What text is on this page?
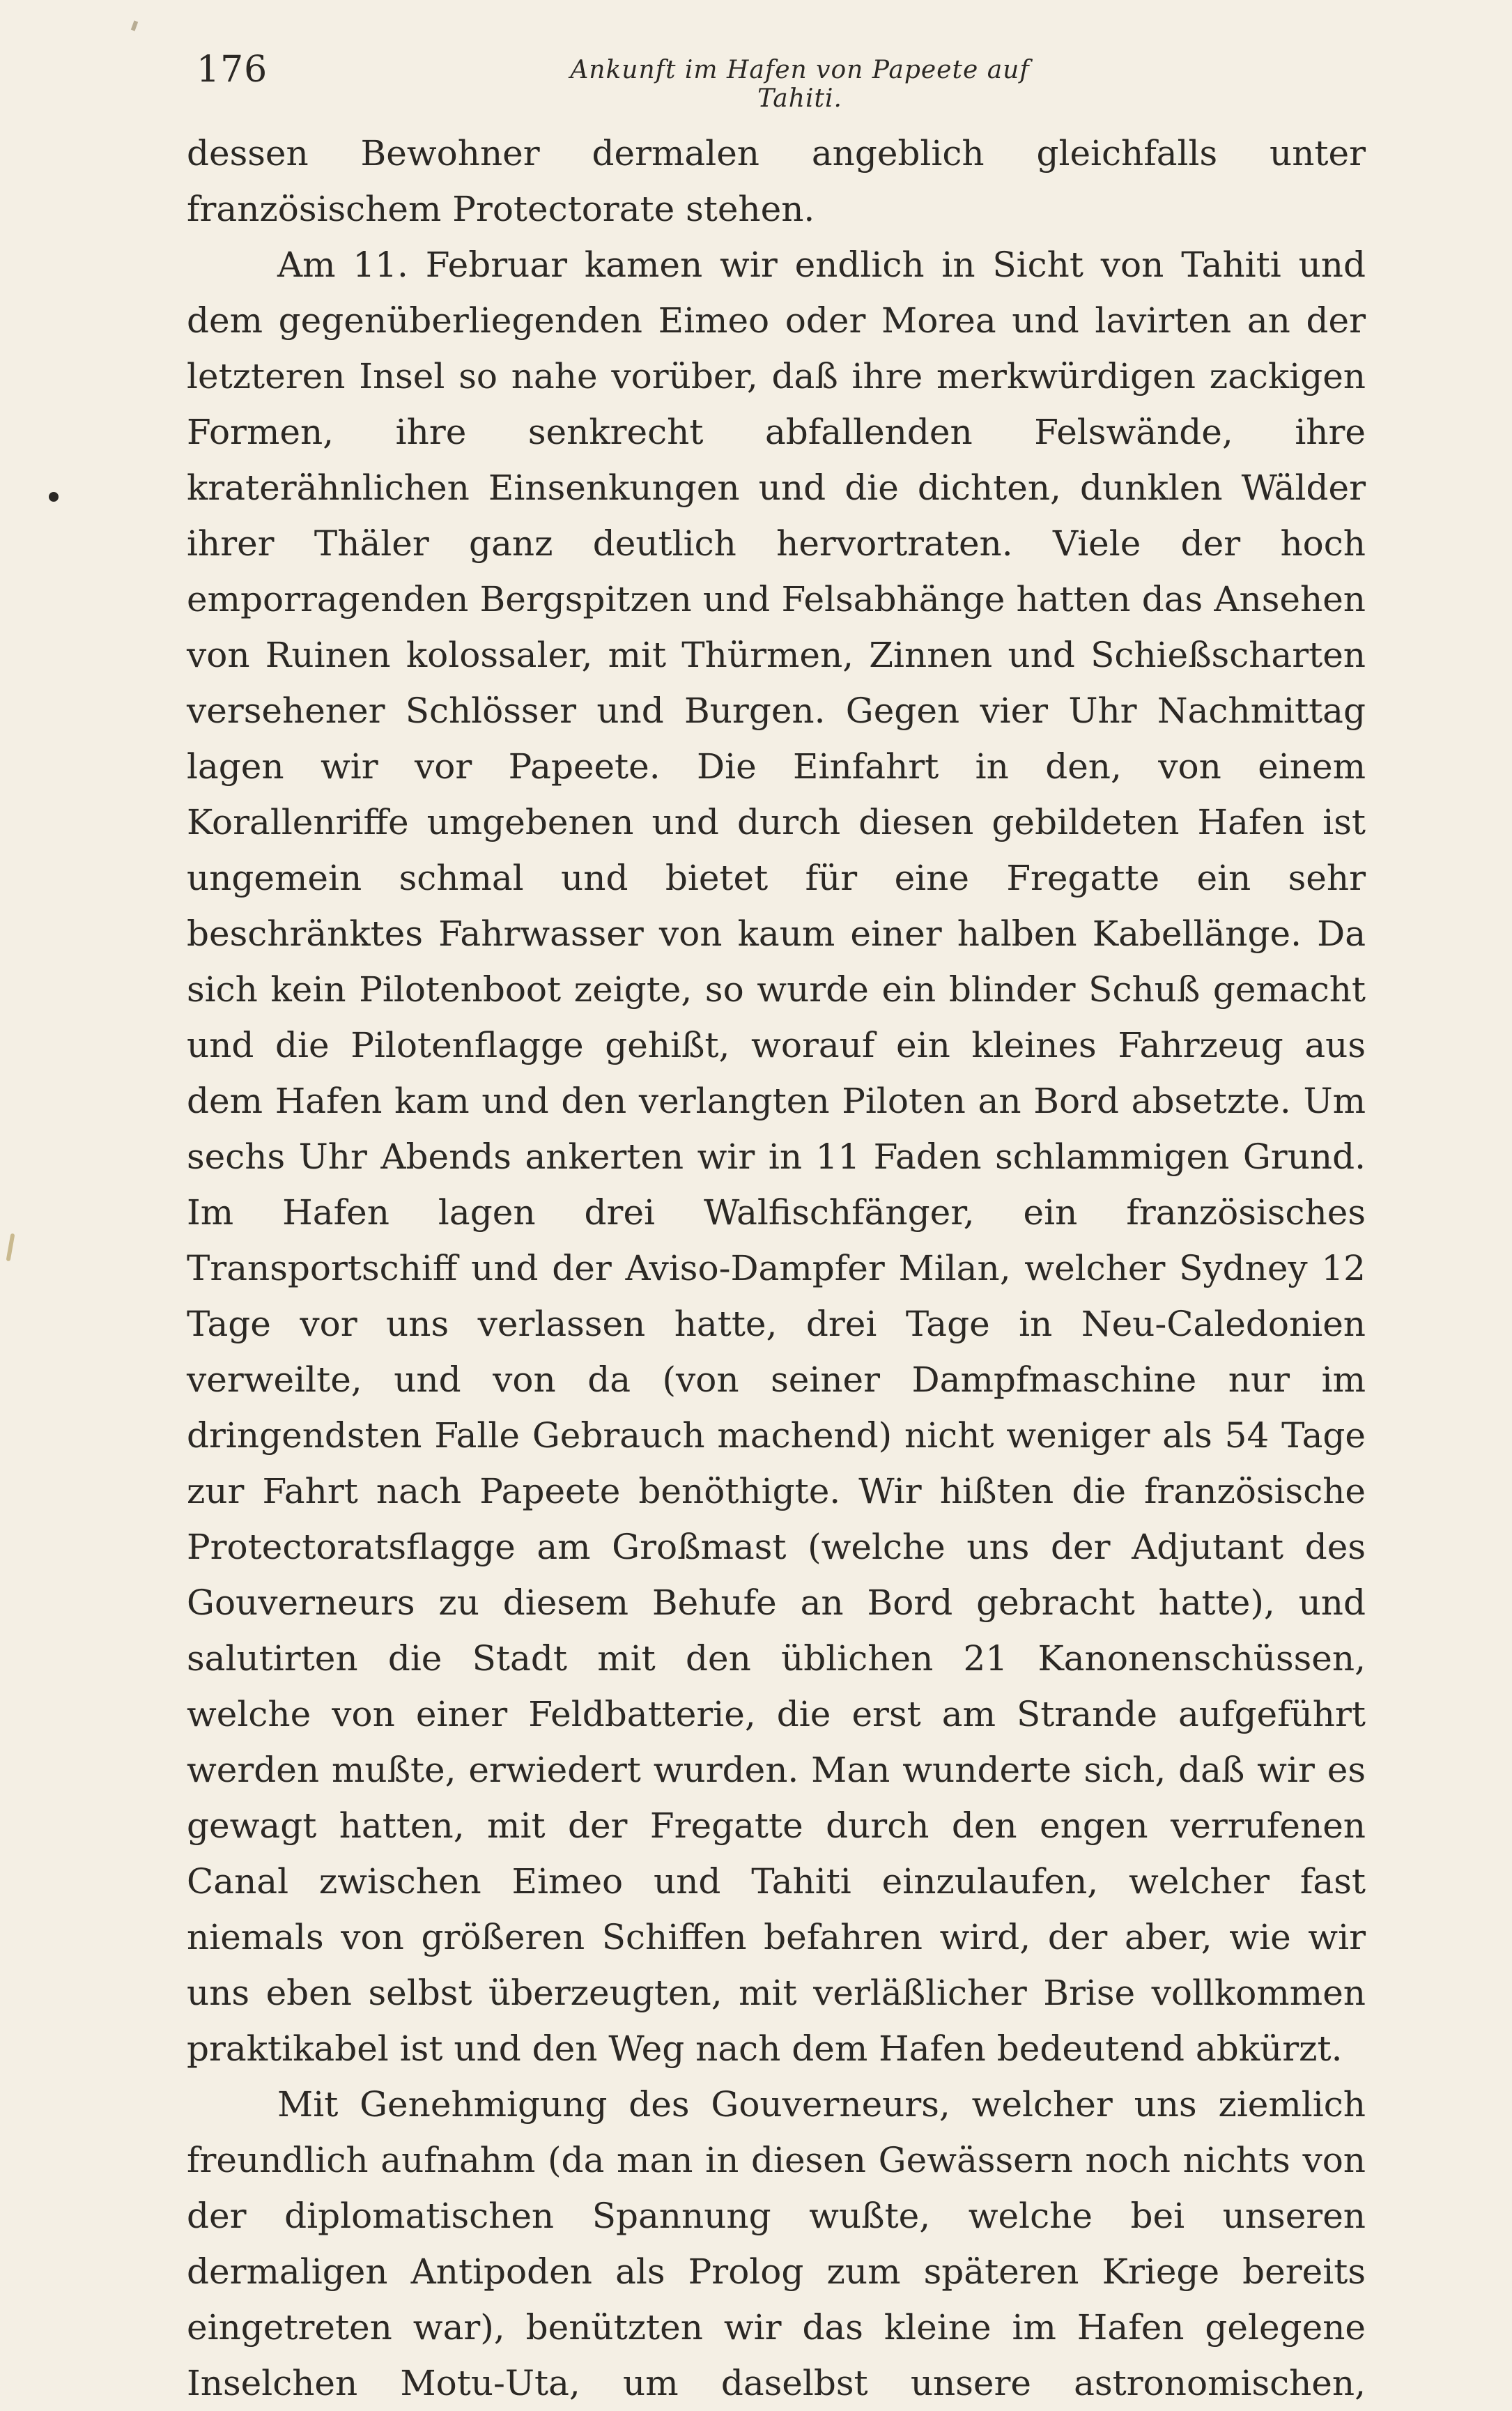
176	Ankunft im Hafen von Papeete auf Tahiti.

dessen Bewohner dermalen angeblich gleichfalls unter französischem Protectorate stehen.

Am 11. Februar kamen wir endlich in Sicht von Tahiti und dem gegenüberliegenden Eimeo oder Morea und lavirten an der letzteren Insel so nahe vorüber, daß ihre merkwürdigen zackigen Formen, ihre senkrecht abfallenden Felswände, ihre kraterähnlichen Einsenkungen und die dichten, dunklen Wälder ihrer Thäler ganz deutlich hervortraten. Viele der hoch emporragenden Bergspitzen und Felsabhänge hatten das Ansehen von Ruinen kolossaler, mit Thürmen, Zinnen und Schießscharten versehener Schlösser und Burgen. Gegen vier Uhr Nachmittag lagen wir vor Papeete. Die Einfahrt in den, von einem Korallenriffe umgebenen und durch diesen gebildeten Hafen ist ungemein schmal und bietet für eine Fregatte ein sehr beschränktes Fahrwasser von kaum einer halben Kabellänge. Da sich kein Pilotenboot zeigte, so wurde ein blinder Schuß gemacht und die Pilotenflagge gehißt, worauf ein kleines Fahrzeug aus dem Hafen kam und den verlangten Piloten an Bord absetzte. Um sechs Uhr Abends ankerten wir in 11 Faden schlammigen Grund. Im Hafen lagen drei Walfischfänger, ein französisches Transportschiff und der Aviso-Dampfer Milan, welcher Sydney 12 Tage vor uns verlassen hatte, drei Tage in Neu-Caledonien verweilte, und von da (von seiner Dampfmaschine nur im dringendsten Falle Gebrauch machend) nicht weniger als 54 Tage zur Fahrt nach Papeete benöthigte. Wir hißten die französische Protectoratsflagge am Großmast (welche uns der Adjutant des Gouverneurs zu diesem Behufe an Bord gebracht hatte), und salutirten die Stadt mit den üblichen 21 Kanonenschüssen, welche von einer Feldbatterie, die erst am Strande aufgeführt werden mußte, erwiedert wurden. Man wunderte sich, daß wir es gewagt hatten, mit der Fregatte durch den engen verrufenen Canal zwischen Eimeo und Tahiti einzulaufen, welcher fast niemals von größeren Schiffen befahren wird, der aber, wie wir uns eben selbst überzeugten, mit verläßlicher Brise vollkommen praktikabel ist und den Weg nach dem Hafen bedeutend abkürzt.

Mit Genehmigung des Gouverneurs, welcher uns ziemlich freundlich aufnahm (da man in diesen Gewässern noch nichts von der diplomatischen Spannung wußte, welche bei unseren dermaligen Antipoden als Prolog zum späteren Kriege bereits eingetreten war), benützten wir das kleine im Hafen gelegene Inselchen Motu-Uta, um daselbst unsere astronomischen,
